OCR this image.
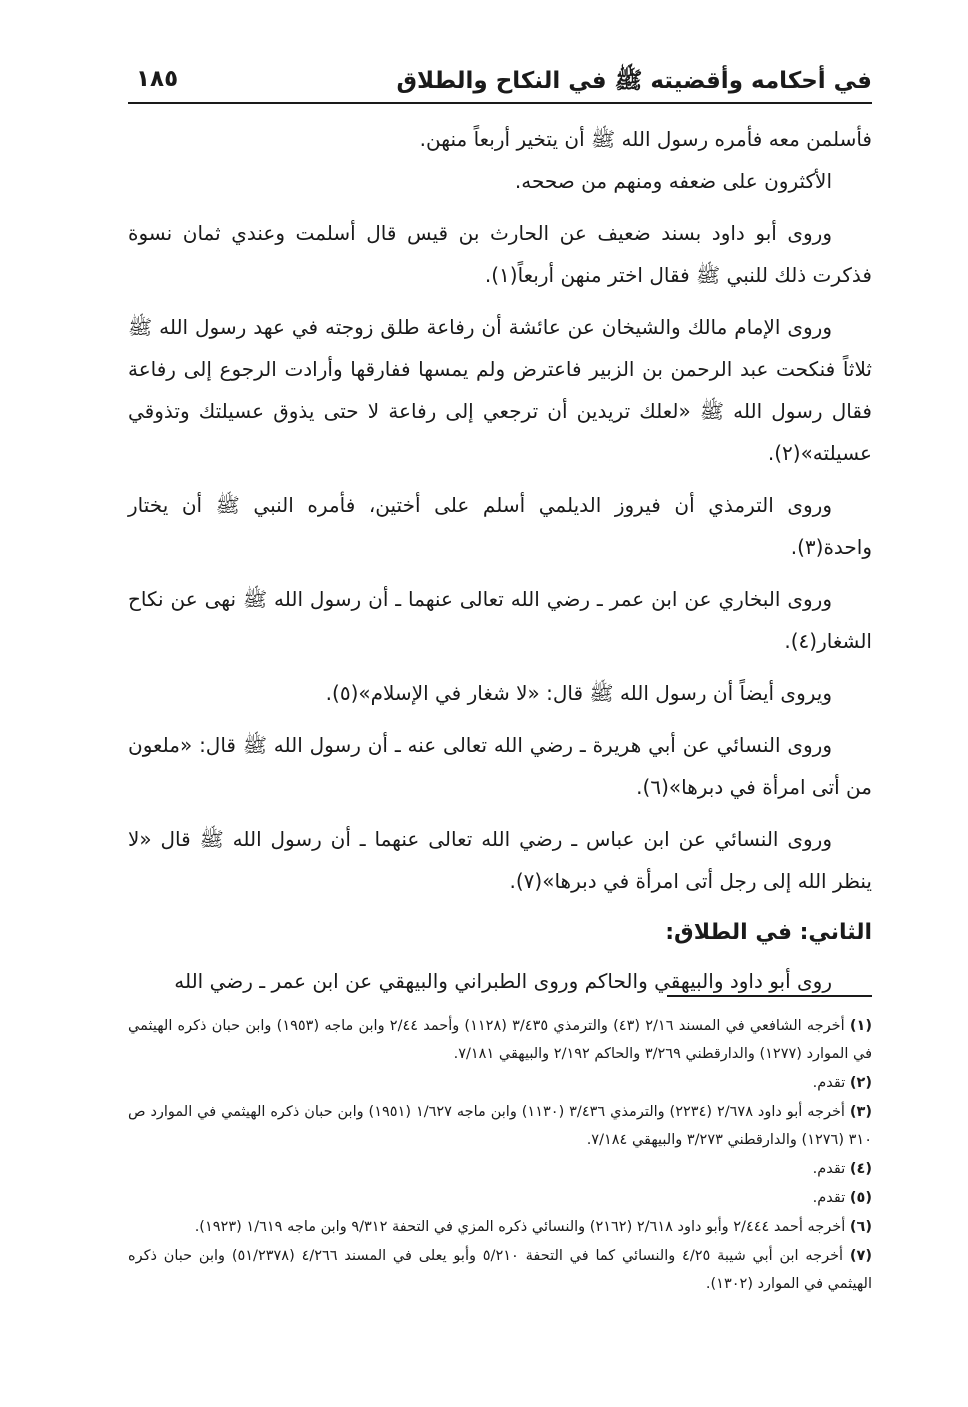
في أحكامه وأقضيته ﷺ في النكاح والطلاق
١٨٥

فأسلمن معه فأمره رسول الله ﷺ أن يتخير أربعاً منهن.

الأكثرون على ضعفه ومنهم من صححه.

وروى أبو داود بسند ضعيف عن الحارث بن قيس قال أسلمت وعندي ثمان نسوة فذكرت ذلك للنبي ﷺ فقال اختر منهن أربعاً(١).

وروى الإمام مالك والشيخان عن عائشة أن رفاعة طلق زوجته في عهد رسول الله ﷺ ثلاثاً فنكحت عبد الرحمن بن الزبير فاعترض ولم يمسها ففارقها وأرادت الرجوع إلى رفاعة فقال رسول الله ﷺ «لعلك تريدين أن ترجعي إلى رفاعة لا حتى يذوق عسيلتك وتذوقي عسيلته»(٢).

وروى الترمذي أن فيروز الديلمي أسلم على أختين، فأمره النبي ﷺ أن يختار واحدة(٣).

وروى البخاري عن ابن عمر ـ رضي الله تعالى عنهما ـ أن رسول الله ﷺ نهى عن نكاح الشغار(٤).

ويروى أيضاً أن رسول الله ﷺ قال: «لا شغار في الإسلام»(٥).

وروى النسائي عن أبي هريرة ـ رضي الله تعالى عنه ـ أن رسول الله ﷺ قال: «ملعون من أتى امرأة في دبرها»(٦).

وروى النسائي عن ابن عباس ـ رضي الله تعالى عنهما ـ أن رسول الله ﷺ قال «لا ينظر الله إلى رجل أتى امرأة في دبرها»(٧).

الثاني: في الطلاق:

روى أبو داود والبيهقي والحاكم وروى الطبراني والبيهقي عن ابن عمر ـ رضي الله

(١) أخرجه الشافعي في المسند ٢/١٦ (٤٣) والترمذي ٣/٤٣٥ (١١٢٨) وأحمد ٢/٤٤ وابن ماجه (١٩٥٣) وابن حبان ذكره الهيثمي في الموارد (١٢٧٧) والدارقطني ٣/٢٦٩ والحاكم ٢/١٩٢ والبيهقي ٧/١٨١.

(٢) تقدم.

(٣) أخرجه أبو داود ٢/٦٧٨ (٢٢٣٤) والترمذي ٣/٤٣٦ (١١٣٠) وابن ماجه ١/٦٢٧ (١٩٥١) وابن حبان ذكره الهيثمي في الموارد ص ٣١٠ (١٢٧٦) والدارقطني ٣/٢٧٣ والبيهقي ٧/١٨٤.

(٤) تقدم.

(٥) تقدم.

(٦) أخرجه أحمد ٢/٤٤٤ وأبو داود ٢/٦١٨ (٢١٦٢) والنسائي ذكره المزي في التحفة ٩/٣١٢ وابن ماجه ١/٦١٩ (١٩٢٣).

(٧) أخرجه ابن أبي شيبة ٤/٢٥ والنسائي كما في التحفة ٥/٢١٠ وأبو يعلى في المسند ٤/٢٦٦ (٥١/٢٣٧٨) وابن حبان ذكره الهيثمي في الموارد (١٣٠٢).
